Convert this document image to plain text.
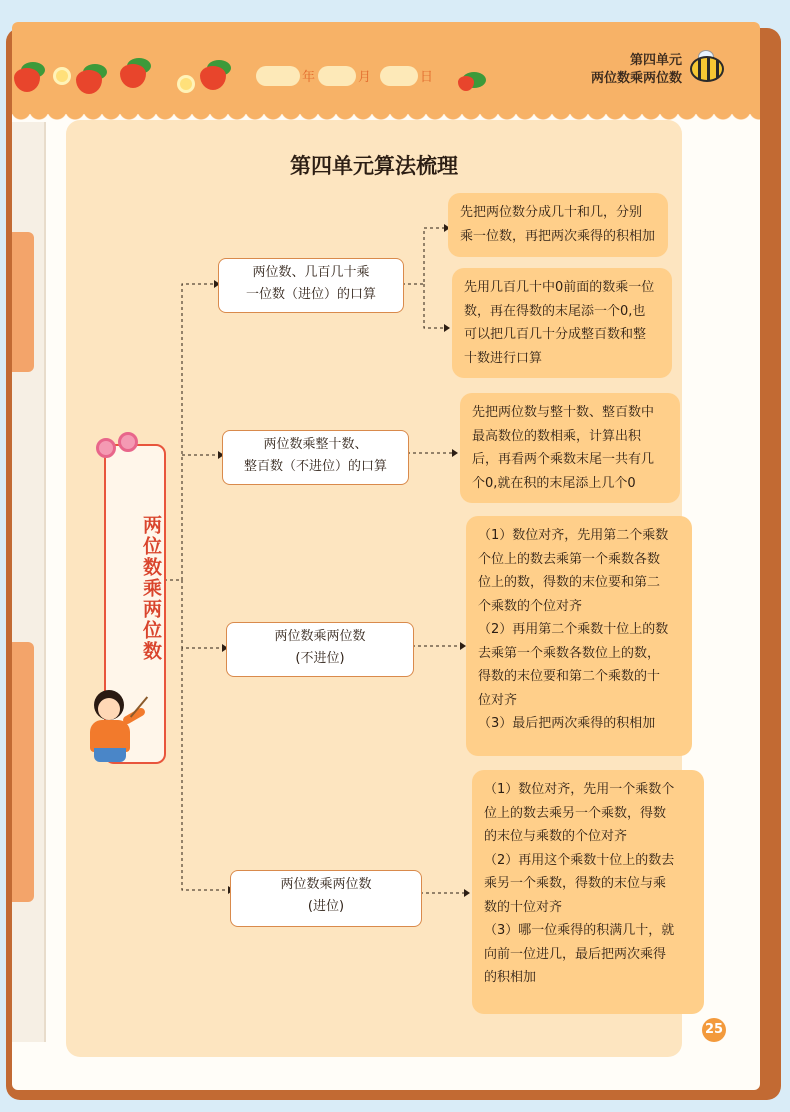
年	月	日
第四单元
两位数乘两位数
第四单元算法梳理
两位数乘两位数
两位数、几百几十乘
一位数（进位）的口算
两位数乘整十数、
整百数（不进位）的口算
两位数乘两位数
(不进位)
两位数乘两位数
(进位)
先把两位数分成几十和几，分别
乘一位数，再把两次乘得的积相加
先用几百几十中0前面的数乘一位
数，再在得数的末尾添一个0,也
可以把几百几十分成整百数和整
十数进行口算
先把两位数与整十数、整百数中
最高数位的数相乘，计算出积
后，再看两个乘数末尾一共有几
个0,就在积的末尾添上几个0
（1）数位对齐，先用第二个乘数
个位上的数去乘第一个乘数各数
位上的数，得数的末位要和第二
个乘数的个位对齐
（2）再用第二个乘数十位上的数
去乘第一个乘数各数位上的数，
得数的末位要和第二个乘数的十
位对齐
（3）最后把两次乘得的积相加
（1）数位对齐，先用一个乘数个
位上的数去乘另一个乘数，得数
的末位与乘数的个位对齐
（2）再用这个乘数十位上的数去
乘另一个乘数，得数的末位与乘
数的十位对齐
（3）哪一位乘得的积满几十，就
向前一位进几，最后把两次乘得
的积相加
25
